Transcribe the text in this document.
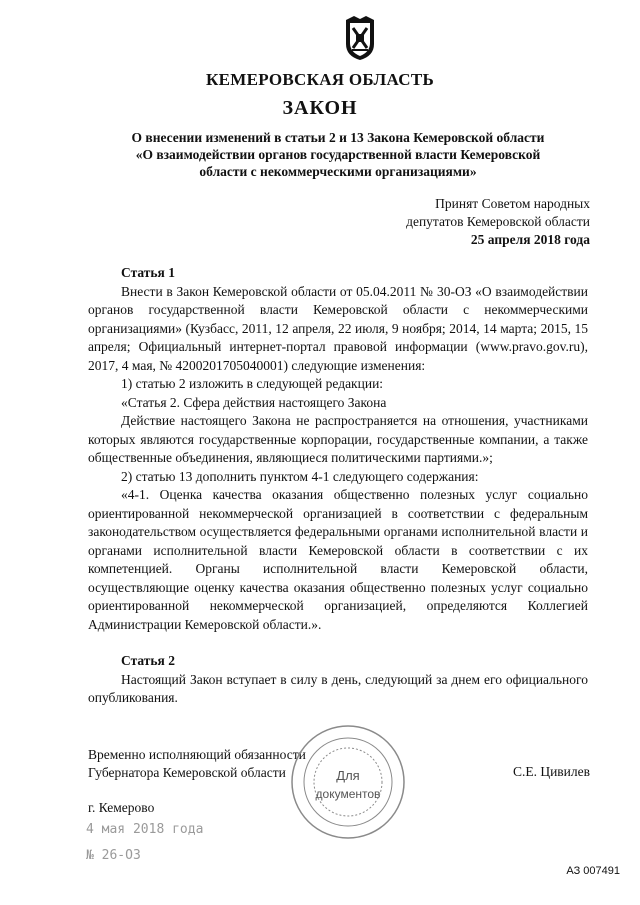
КЕМЕРОВСКАЯ ОБЛАСТЬ
ЗАКОН
О внесении изменений в статьи 2 и 13 Закона Кемеровской области
«О взаимодействии органов государственной власти Кемеровской
области с некоммерческими организациями»
Принят Советом народных
депутатов Кемеровской области
25 апреля 2018 года

Статья 1

Внести в Закон Кемеровской области от 05.04.2011 № 30-ОЗ «О взаимодействии органов государственной власти Кемеровской области с некоммерческими организациями» (Кузбасс, 2011, 12 апреля, 22 июля, 9 ноября; 2014, 14 марта; 2015, 15 апреля; Официальный интернет-портал правовой информации (www.pravo.gov.ru), 2017, 4 мая, № 4200201705040001) следующие изменения:

1) статью 2 изложить в следующей редакции:

«Статья 2. Сфера действия настоящего Закона

Действие настоящего Закона не распространяется на отношения, участниками которых являются государственные корпорации, государственные компании, а также общественные объединения, являющиеся политическими партиями.»;

2) статью 13 дополнить пунктом 4-1 следующего содержания:

«4-1. Оценка качества оказания общественно полезных услуг социально ориентированной некоммерческой организацией в соответствии с федеральным законодательством осуществляется федеральными органами исполнительной власти и органами исполнительной власти Кемеровской области в соответствии с их компетенцией. Органы исполнительной власти Кемеровской области, осуществляющие оценку качества оказания общественно полезных услуг социально ориентированной некоммерческой организацией, определяются Коллегией Администрации Кемеровской области.».

Статья 2

Настоящий Закон вступает в силу в день, следующий за днем его официального опубликования.

Временно исполняющий обязанности
Губернатора Кемеровской области	С.Е. Цивилев
Для
документов
г. Кемерово
4 мая 2018 года
№ 26-ОЗ
АЗ 007491
